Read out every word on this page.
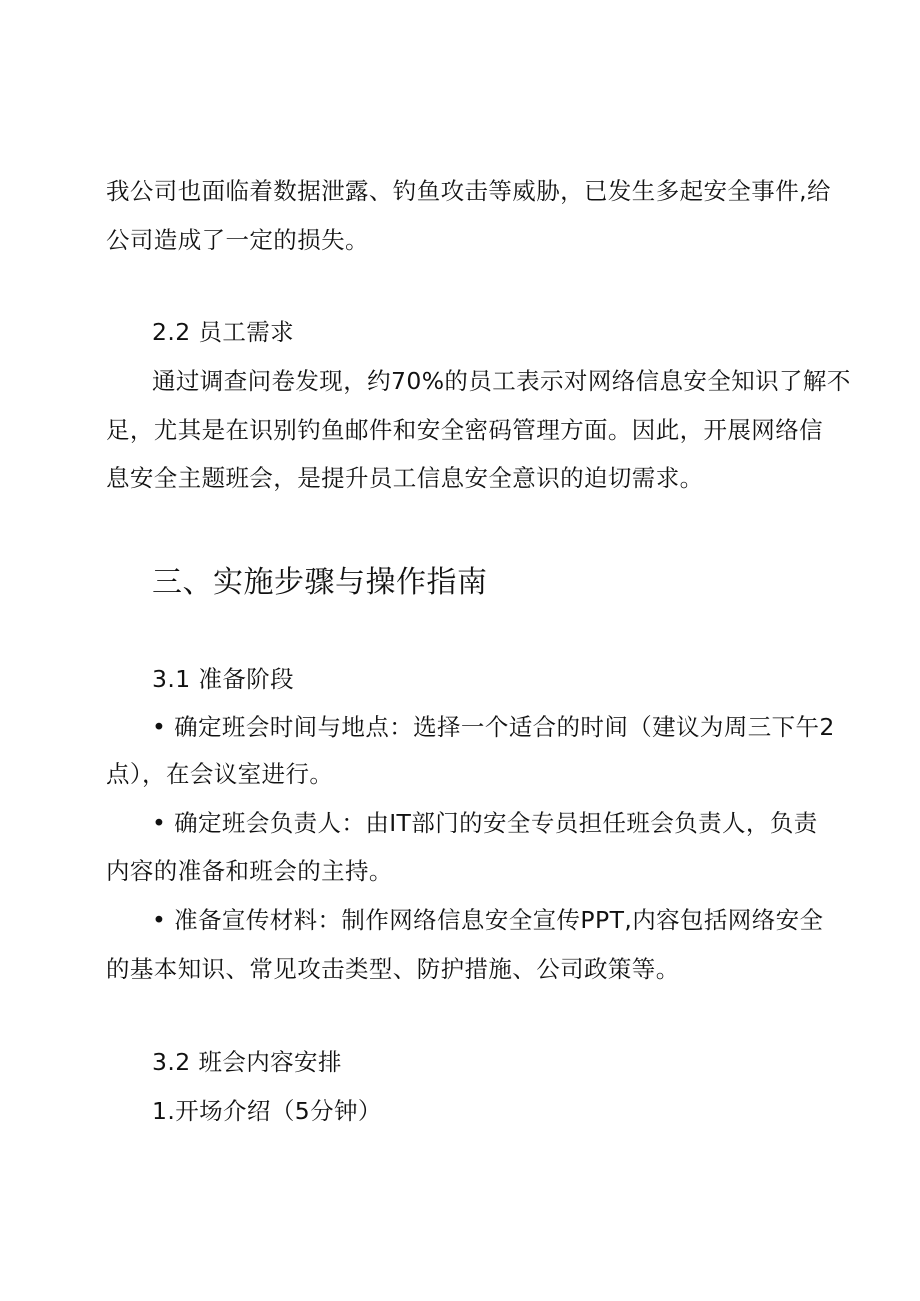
我公司也面临着数据泄露、钓鱼攻击等威胁，已发生多起安全事件,给
公司造成了一定的损失。
2.2 员工需求
通过调查问卷发现，约70%的员工表示对网络信息安全知识了解不
足，尤其是在识别钓鱼邮件和安全密码管理方面。因此，开展网络信
息安全主题班会，是提升员工信息安全意识的迫切需求。
三、实施步骤与操作指南
3.1 准备阶段
• 确定班会时间与地点：选择一个适合的时间（建议为周三下午2
点），在会议室进行。
• 确定班会负责人：由IT部门的安全专员担任班会负责人，负责
内容的准备和班会的主持。
• 准备宣传材料：制作网络信息安全宣传PPT,内容包括网络安全
的基本知识、常见攻击类型、防护措施、公司政策等。
3.2 班会内容安排
1.开场介绍（5分钟）
